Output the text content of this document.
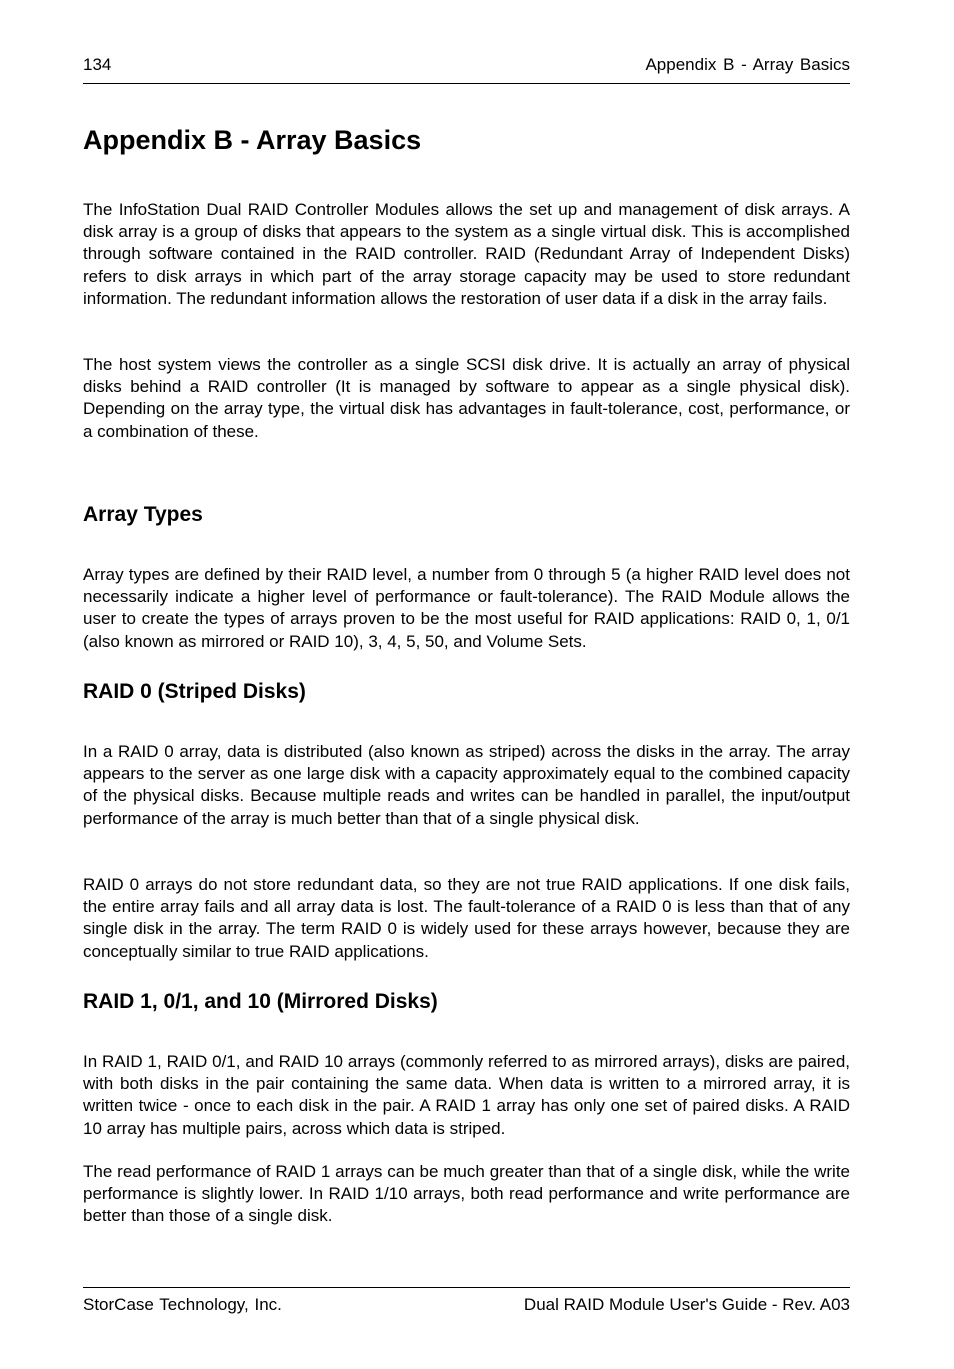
134	Appendix B - Array Basics
Appendix B - Array Basics

The InfoStation Dual RAID Controller Modules allows the set up and management of disk arrays. A disk array is a group of disks that appears to the system as a single virtual disk. This is accomplished through software contained in the RAID controller. RAID (Redundant Array of Independent Disks) refers to disk arrays in which part of the array storage capacity may be used to store redundant information. The redundant information allows the restoration of user data if a disk in the array fails.

The host system views the controller as a single SCSI disk drive. It is actually an array of physical disks behind a RAID controller (It is managed by software to appear as a single physical disk). Depending on the array type, the virtual disk has advantages in fault-tolerance, cost, performance, or a combination of these.

Array Types

Array types are defined by their RAID level, a number from 0 through 5 (a higher RAID level does not necessarily indicate a higher level of performance or fault-tolerance). The RAID Module allows the user to create the types of arrays proven to be the most useful for RAID applications: RAID 0, 1, 0/1 (also known as mirrored or RAID 10), 3, 4, 5, 50, and Volume Sets.

RAID 0 (Striped Disks)

In a RAID 0 array, data is distributed (also known as striped) across the disks in the array. The array appears to the server as one large disk with a capacity approximately equal to the combined capacity of the physical disks. Because multiple reads and writes can be handled in parallel, the input/output performance of the array is much better than that of a single physical disk.

RAID 0 arrays do not store redundant data, so they are not true RAID applications. If one disk fails, the entire array fails and all array data is lost. The fault-tolerance of a RAID 0 is less than that of any single disk in the array. The term RAID 0 is widely used for these arrays however, because they are conceptually similar to true RAID applications.

RAID 1, 0/1, and 10 (Mirrored Disks)

In RAID 1, RAID 0/1, and RAID 10 arrays (commonly referred to as mirrored arrays), disks are paired, with both disks in the pair containing the same data. When data is written to a mirrored array, it is written twice - once to each disk in the pair. A RAID 1 array has only one set of paired disks. A RAID 10 array has multiple pairs, across which data is striped.

The read performance of RAID 1 arrays can be much greater than that of a single disk, while the write performance is slightly lower. In RAID 1/10 arrays, both read performance and write performance are better than those of a single disk.

StorCase Technology, Inc.	Dual RAID Module User's Guide - Rev. A03
